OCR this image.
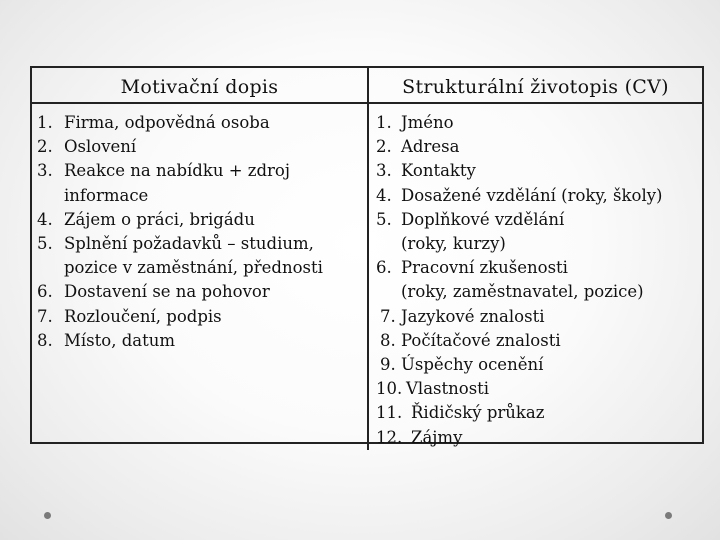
Motivační dopis	Strukturální životopis (CV)
1. Firma, odpovědná osoba
2. Oslovení
3. Reakce na nabídku + zdroj
informace
4. Zájem o práci, brigádu
5. Splnění požadavků – studium,
pozice v zaměstnání, přednosti
6. Dostavení se na pohovor
7. Rozloučení, podpis
8. Místo, datum
1. Jméno
2. Adresa
3. Kontakty
4. Dosažené vzdělání (roky, školy)
5. Doplňkové vzdělání
(roky, kurzy)
6. Pracovní zkušenosti
(roky, zaměstnavatel, pozice)
7. Jazykové znalosti
8. Počítačové znalosti
9. Úspěchy ocenění
10. Vlastnosti
11. Řidičský průkaz
12. Zájmy
